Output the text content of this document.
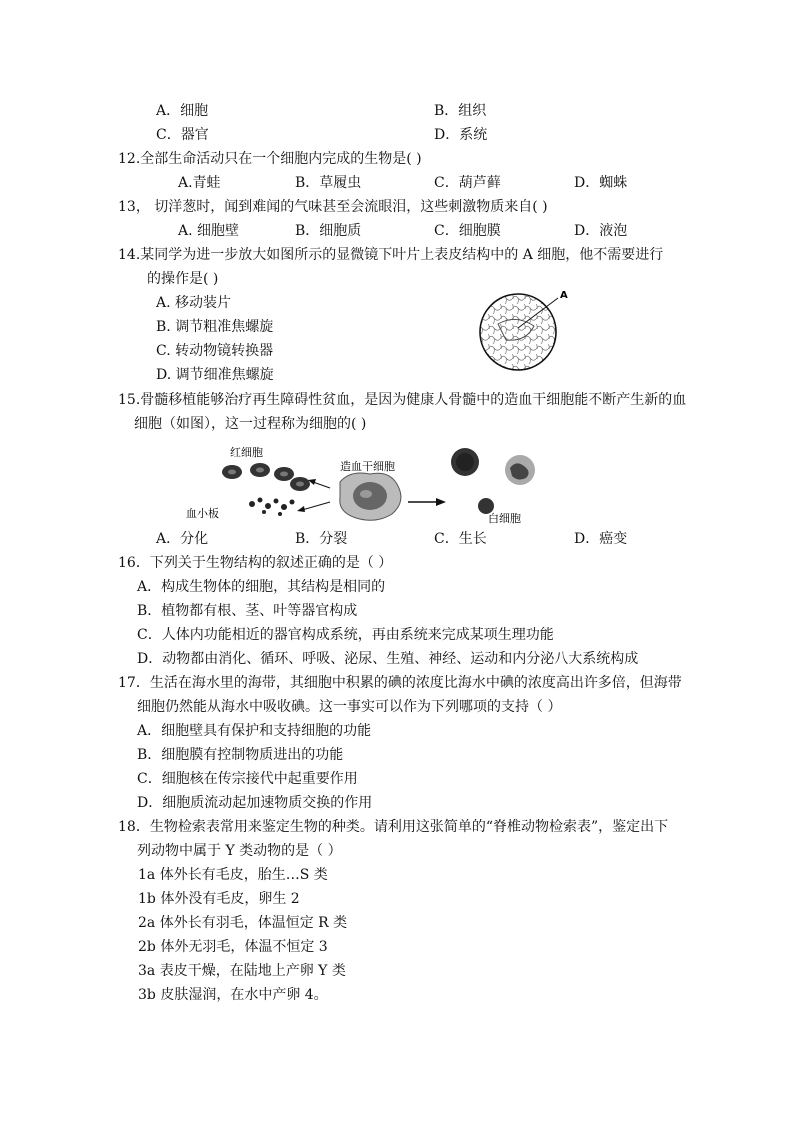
A．细胞	B．组织
C．器官	D．系统
12.全部生命活动只在一个细胞内完成的生物是( )
A.青蛙	B．草履虫	C．葫芦藓	D．蜘蛛
13， 切洋葱时，闻到难闻的气味甚至会流眼泪，这些刺激物质来自( )
A. 细胞壁	B．细胞质	C．细胞膜	D．液泡
14.某同学为进一步放大如图所示的显微镜下叶片上表皮结构中的 A 细胞，他不需要进行
的操作是( )
A. 移动装片
B. 调节粗准焦螺旋
C. 转动物镜转换器
D. 调节细准焦螺旋
A
15.骨髓移植能够治疗再生障碍性贫血，是因为健康人骨髓中的造血干细胞能不断产生新的血
细胞（如图），这一过程称为细胞的( )
红细胞
造血干细胞
血小板	白细胞
A．分化	B．分裂	C．生长	D．癌变
16．下列关于生物结构的叙述正确的是（ ）
A．构成生物体的细胞，其结构是相同的
B．植物都有根、茎、叶等器官构成
C．人体内功能相近的器官构成系统，再由系统来完成某项生理功能
D．动物都由消化、循环、呼吸、泌尿、生殖、神经、运动和内分泌八大系统构成
17．生活在海水里的海带，其细胞中积累的碘的浓度比海水中碘的浓度高出许多倍，但海带
细胞仍然能从海水中吸收碘。这一事实可以作为下列哪项的支持（ ）
A．细胞壁具有保护和支持细胞的功能
B．细胞膜有控制物质进出的功能
C．细胞核在传宗接代中起重要作用
D．细胞质流动起加速物质交换的作用
18．生物检索表常用来鉴定生物的种类。请利用这张简单的“脊椎动物检索表”，鉴定出下
列动物中属于 Y 类动物的是（ ）
1a 体外长有毛皮，胎生…S 类
1b 体外没有毛皮，卵生 2
2a 体外长有羽毛，体温恒定 R 类
2b 体外无羽毛，体温不恒定 3
3a 表皮干燥，在陆地上产卵 Y 类
3b 皮肤湿润，在水中产卵 4。
